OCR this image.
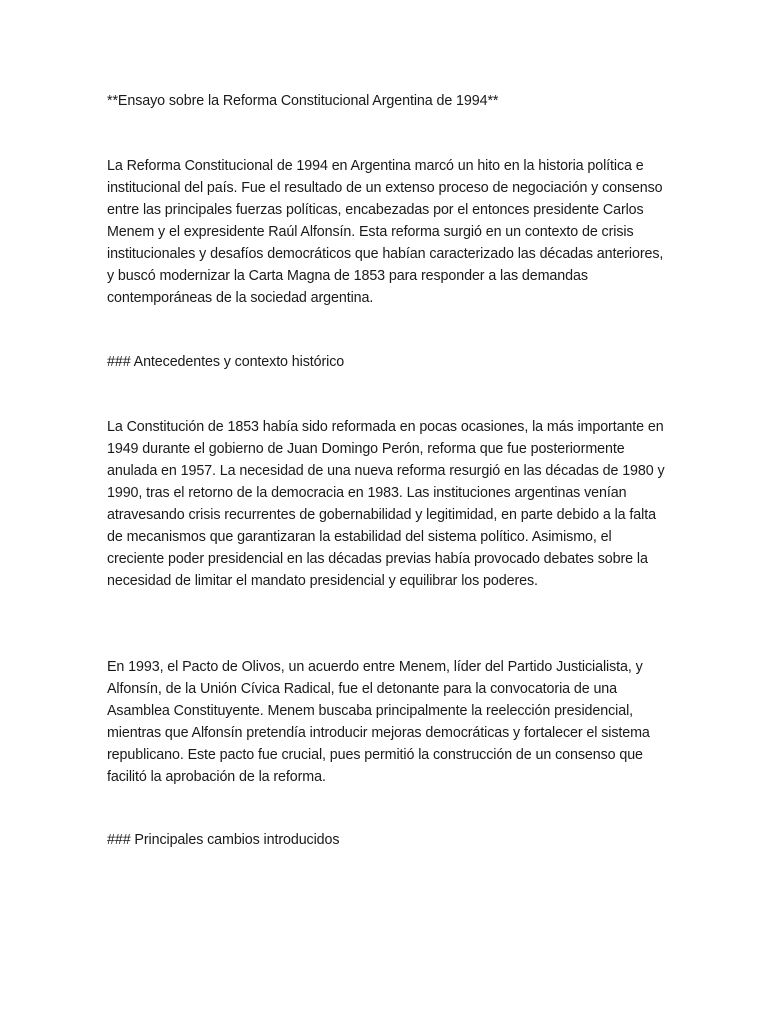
**Ensayo sobre la Reforma Constitucional Argentina de 1994**

La Reforma Constitucional de 1994 en Argentina marcó un hito en la historia política e institucional del país. Fue el resultado de un extenso proceso de negociación y consenso entre las principales fuerzas políticas, encabezadas por el entonces presidente Carlos Menem y el expresidente Raúl Alfonsín. Esta reforma surgió en un contexto de crisis institucionales y desafíos democráticos que habían caracterizado las décadas anteriores, y buscó modernizar la Carta Magna de 1853 para responder a las demandas contemporáneas de la sociedad argentina.

### Antecedentes y contexto histórico

La Constitución de 1853 había sido reformada en pocas ocasiones, la más importante en 1949 durante el gobierno de Juan Domingo Perón, reforma que fue posteriormente anulada en 1957. La necesidad de una nueva reforma resurgió en las décadas de 1980 y 1990, tras el retorno de la democracia en 1983. Las instituciones argentinas venían atravesando crisis recurrentes de gobernabilidad y legitimidad, en parte debido a la falta de mecanismos que garantizaran la estabilidad del sistema político. Asimismo, el creciente poder presidencial en las décadas previas había provocado debates sobre la necesidad de limitar el mandato presidencial y equilibrar los poderes.

En 1993, el Pacto de Olivos, un acuerdo entre Menem, líder del Partido Justicialista, y Alfonsín, de la Unión Cívica Radical, fue el detonante para la convocatoria de una Asamblea Constituyente. Menem buscaba principalmente la reelección presidencial, mientras que Alfonsín pretendía introducir mejoras democráticas y fortalecer el sistema republicano. Este pacto fue crucial, pues permitió la construcción de un consenso que facilitó la aprobación de la reforma.

### Principales cambios introducidos
